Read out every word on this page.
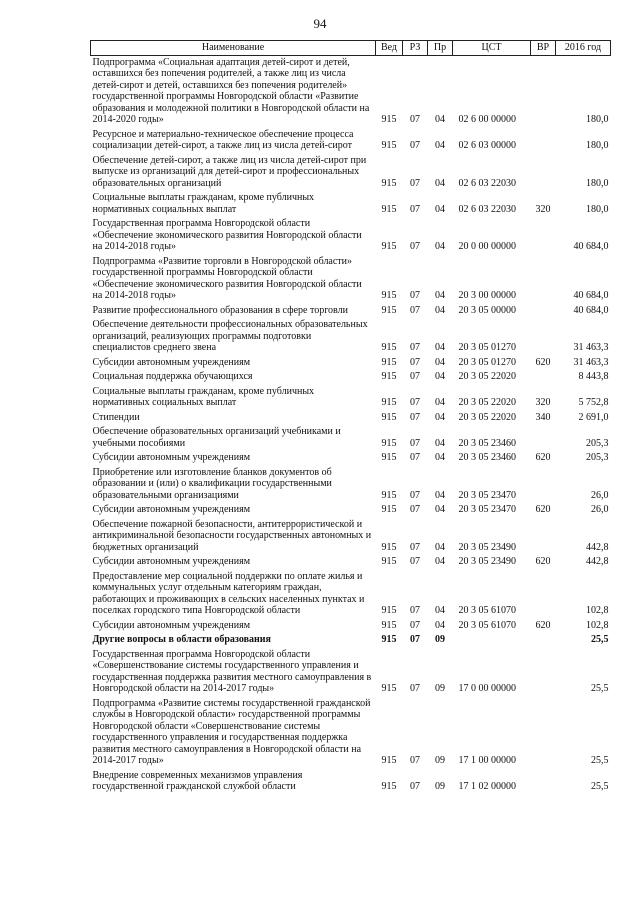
94
Наименование	Вед	РЗ	Пр	ЦСТ	ВР	2016 год
Подпрограмма «Социальная адаптация детей-сирот и детей, оставшихся без попечения родителей, а также лиц из числа детей-сирот и детей, оставшихся без попечения родителей» государственной программы Новгородской области «Развитие образования и молодежной политики в Новгородской области на 2014-2020 годы»	915	07	04	02 6 00 00000		180,0
Ресурсное и материально-техническое обеспечение процесса социализации детей-сирот, а также лиц из числа детей-сирот	915	07	04	02 6 03 00000		180,0
Обеспечение детей-сирот, а также лиц из числа детей-сирот при выпуске из организаций для детей-сирот и профессиональных образовательных организаций	915	07	04	02 6 03 22030		180,0
Социальные выплаты гражданам, кроме публичных нормативных социальных выплат	915	07	04	02 6 03 22030	320	180,0
Государственная программа Новгородской области «Обеспечение экономического развития Новгородской области на 2014-2018 годы»	915	07	04	20 0 00 00000		40 684,0
Подпрограмма «Развитие торговли в Новгородской области» государственной программы Новгородской области «Обеспечение экономического развития Новгородской области на 2014-2018 годы»	915	07	04	20 3 00 00000		40 684,0
Развитие профессионального образования в сфере торговли	915	07	04	20 3 05 00000		40 684,0
Обеспечение деятельности профессиональных образовательных организаций, реализующих программы подготовки специалистов среднего звена	915	07	04	20 3 05 01270		31 463,3
Субсидии автономным учреждениям	915	07	04	20 3 05 01270	620	31 463,3
Социальная поддержка обучающихся	915	07	04	20 3 05 22020		8 443,8
Социальные выплаты гражданам, кроме публичных нормативных социальных выплат	915	07	04	20 3 05 22020	320	5 752,8
Стипендии	915	07	04	20 3 05 22020	340	2 691,0
Обеспечение образовательных организаций учебниками и учебными пособиями	915	07	04	20 3 05 23460		205,3
Субсидии автономным учреждениям	915	07	04	20 3 05 23460	620	205,3
Приобретение или изготовление бланков документов об образовании и (или) о квалификации государственными образовательными организациями	915	07	04	20 3 05 23470		26,0
Субсидии автономным учреждениям	915	07	04	20 3 05 23470	620	26,0
Обеспечение пожарной безопасности, антитеррористической и антикриминальной безопасности государственных автономных и бюджетных организаций	915	07	04	20 3 05 23490		442,8
Субсидии автономным учреждениям	915	07	04	20 3 05 23490	620	442,8
Предоставление мер социальной поддержки по оплате жилья и коммунальных услуг отдельным категориям граждан, работающих и проживающих в сельских населенных пунктах и поселках городского типа Новгородской области	915	07	04	20 3 05 61070		102,8
Субсидии автономным учреждениям	915	07	04	20 3 05 61070	620	102,8
Другие вопросы в области образования	915	07	09			25,5
Государственная программа Новгородской области «Совершенствование системы государственного управления и государственная поддержка развития местного самоуправления в Новгородской области на 2014-2017 годы»	915	07	09	17 0 00 00000		25,5
Подпрограмма «Развитие системы государственной гражданской службы в Новгородской области» государственной программы Новгородской области «Совершенствование системы государственного управления и государственная поддержка развития местного самоуправления в Новгородской области на 2014-2017 годы»	915	07	09	17 1 00 00000		25,5
Внедрение современных механизмов управления государственной гражданской службой области	915	07	09	17 1 02 00000		25,5
